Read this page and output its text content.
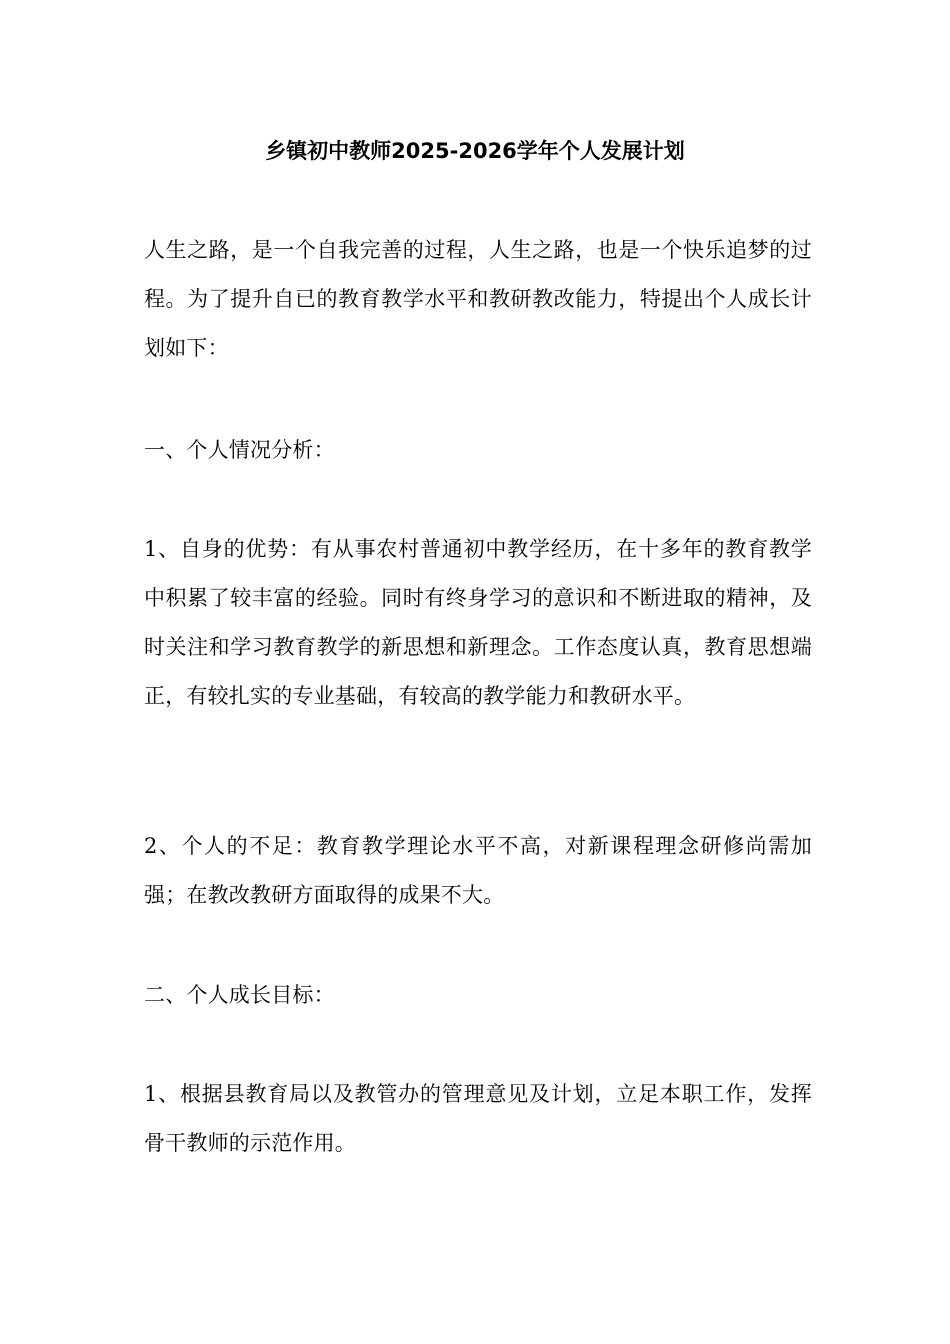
乡镇初中教师2025-2026学年个人发展计划

人生之路，是一个自我完善的过程，人生之路，也是一个快乐追梦的过程。为了提升自已的教育教学水平和教研教改能力，特提出个人成长计划如下：

一、个人情况分析：

1、自身的优势：有从事农村普通初中教学经历，在十多年的教育教学中积累了较丰富的经验。同时有终身学习的意识和不断进取的精神，及时关注和学习教育教学的新思想和新理念。工作态度认真，教育思想端正，有较扎实的专业基础，有较高的教学能力和教研水平。

2、个人的不足：教育教学理论水平不高，对新课程理念研修尚需加强；在教改教研方面取得的成果不大。

二、个人成长目标：

1、根据县教育局以及教管办的管理意见及计划，立足本职工作，发挥骨干教师的示范作用。
